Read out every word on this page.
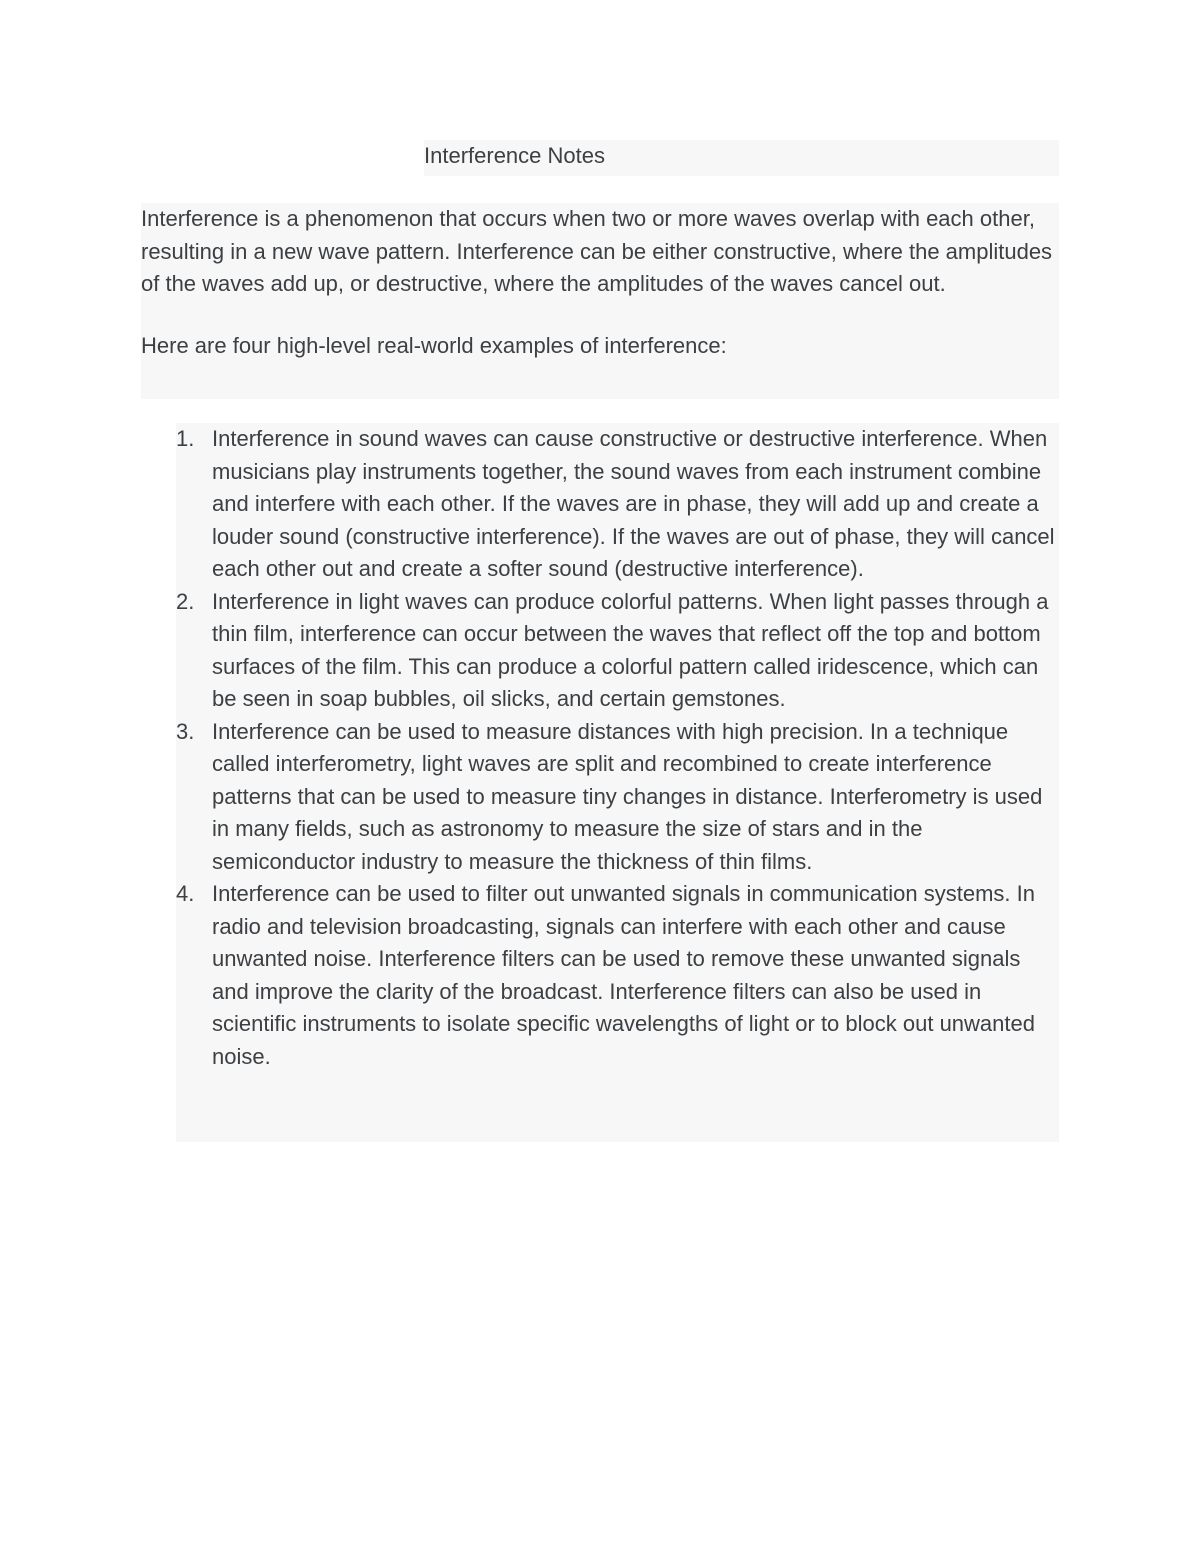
Interference Notes

Interference is a phenomenon that occurs when two or more waves overlap with each other, resulting in a new wave pattern. Interference can be either constructive, where the amplitudes of the waves add up, or destructive, where the amplitudes of the waves cancel out.

Here are four high-level real-world examples of interference:

1. Interference in sound waves can cause constructive or destructive interference. When musicians play instruments together, the sound waves from each instrument combine and interfere with each other. If the waves are in phase, they will add up and create a louder sound (constructive interference). If the waves are out of phase, they will cancel each other out and create a softer sound (destructive interference).
2. Interference in light waves can produce colorful patterns. When light passes through a thin film, interference can occur between the waves that reflect off the top and bottom surfaces of the film. This can produce a colorful pattern called iridescence, which can be seen in soap bubbles, oil slicks, and certain gemstones.
3. Interference can be used to measure distances with high precision. In a technique called interferometry, light waves are split and recombined to create interference patterns that can be used to measure tiny changes in distance. Interferometry is used in many fields, such as astronomy to measure the size of stars and in the semiconductor industry to measure the thickness of thin films.
4. Interference can be used to filter out unwanted signals in communication systems. In radio and television broadcasting, signals can interfere with each other and cause unwanted noise. Interference filters can be used to remove these unwanted signals and improve the clarity of the broadcast. Interference filters can also be used in scientific instruments to isolate specific wavelengths of light or to block out unwanted noise.
